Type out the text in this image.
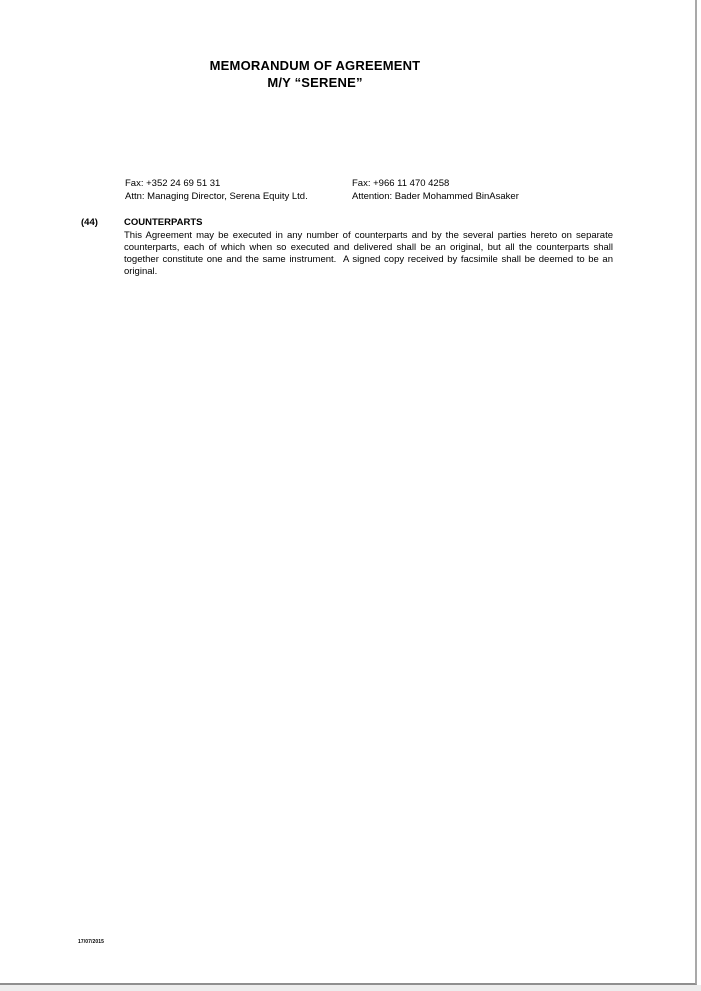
MEMORANDUM OF AGREEMENT
M/Y “SERENE”
Fax: +352 24 69 51 31
Attn: Managing Director, Serena Equity Ltd.
Fax: +966 11 470 4258
Attention: Bader Mohammed BinAsaker
(44)	COUNTERPARTS

This Agreement may be executed in any number of counterparts and by the several parties hereto on separate counterparts, each of which when so executed and delivered shall be an original, but all the counterparts shall together constitute one and the same instrument.  A signed copy received by facsimile shall be deemed to be an original.

17/07/2015
